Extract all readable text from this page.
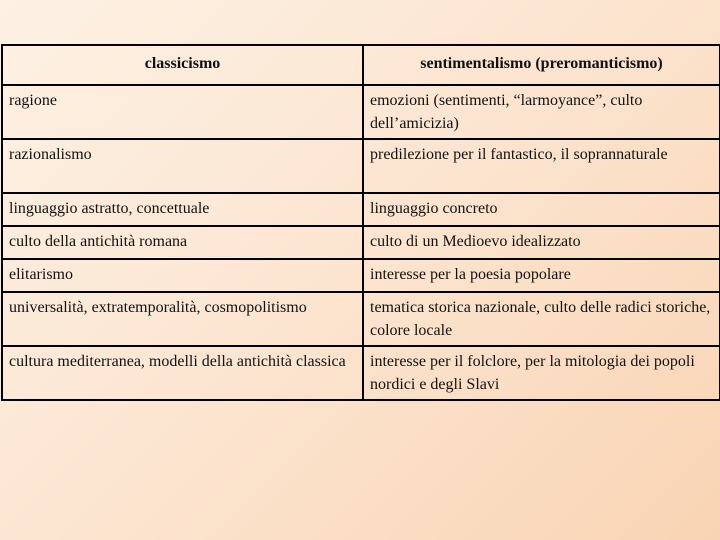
classicismo	sentimentalismo (preromanticismo)
ragione	emozioni (sentimenti, “larmoyance”, culto dell’amicizia)
razionalismo	predilezione per il fantastico, il soprannaturale
linguaggio astratto, concettuale	linguaggio concreto
culto della antichità romana	culto di un Medioevo idealizzato
elitarismo	interesse per la poesia popolare
universalità, extratemporalità, cosmopolitismo	tematica storica nazionale, culto delle radici storiche, colore locale
cultura mediterranea, modelli della antichità classica	interesse per il folclore, per la mitologia dei popoli nordici e degli Slavi
